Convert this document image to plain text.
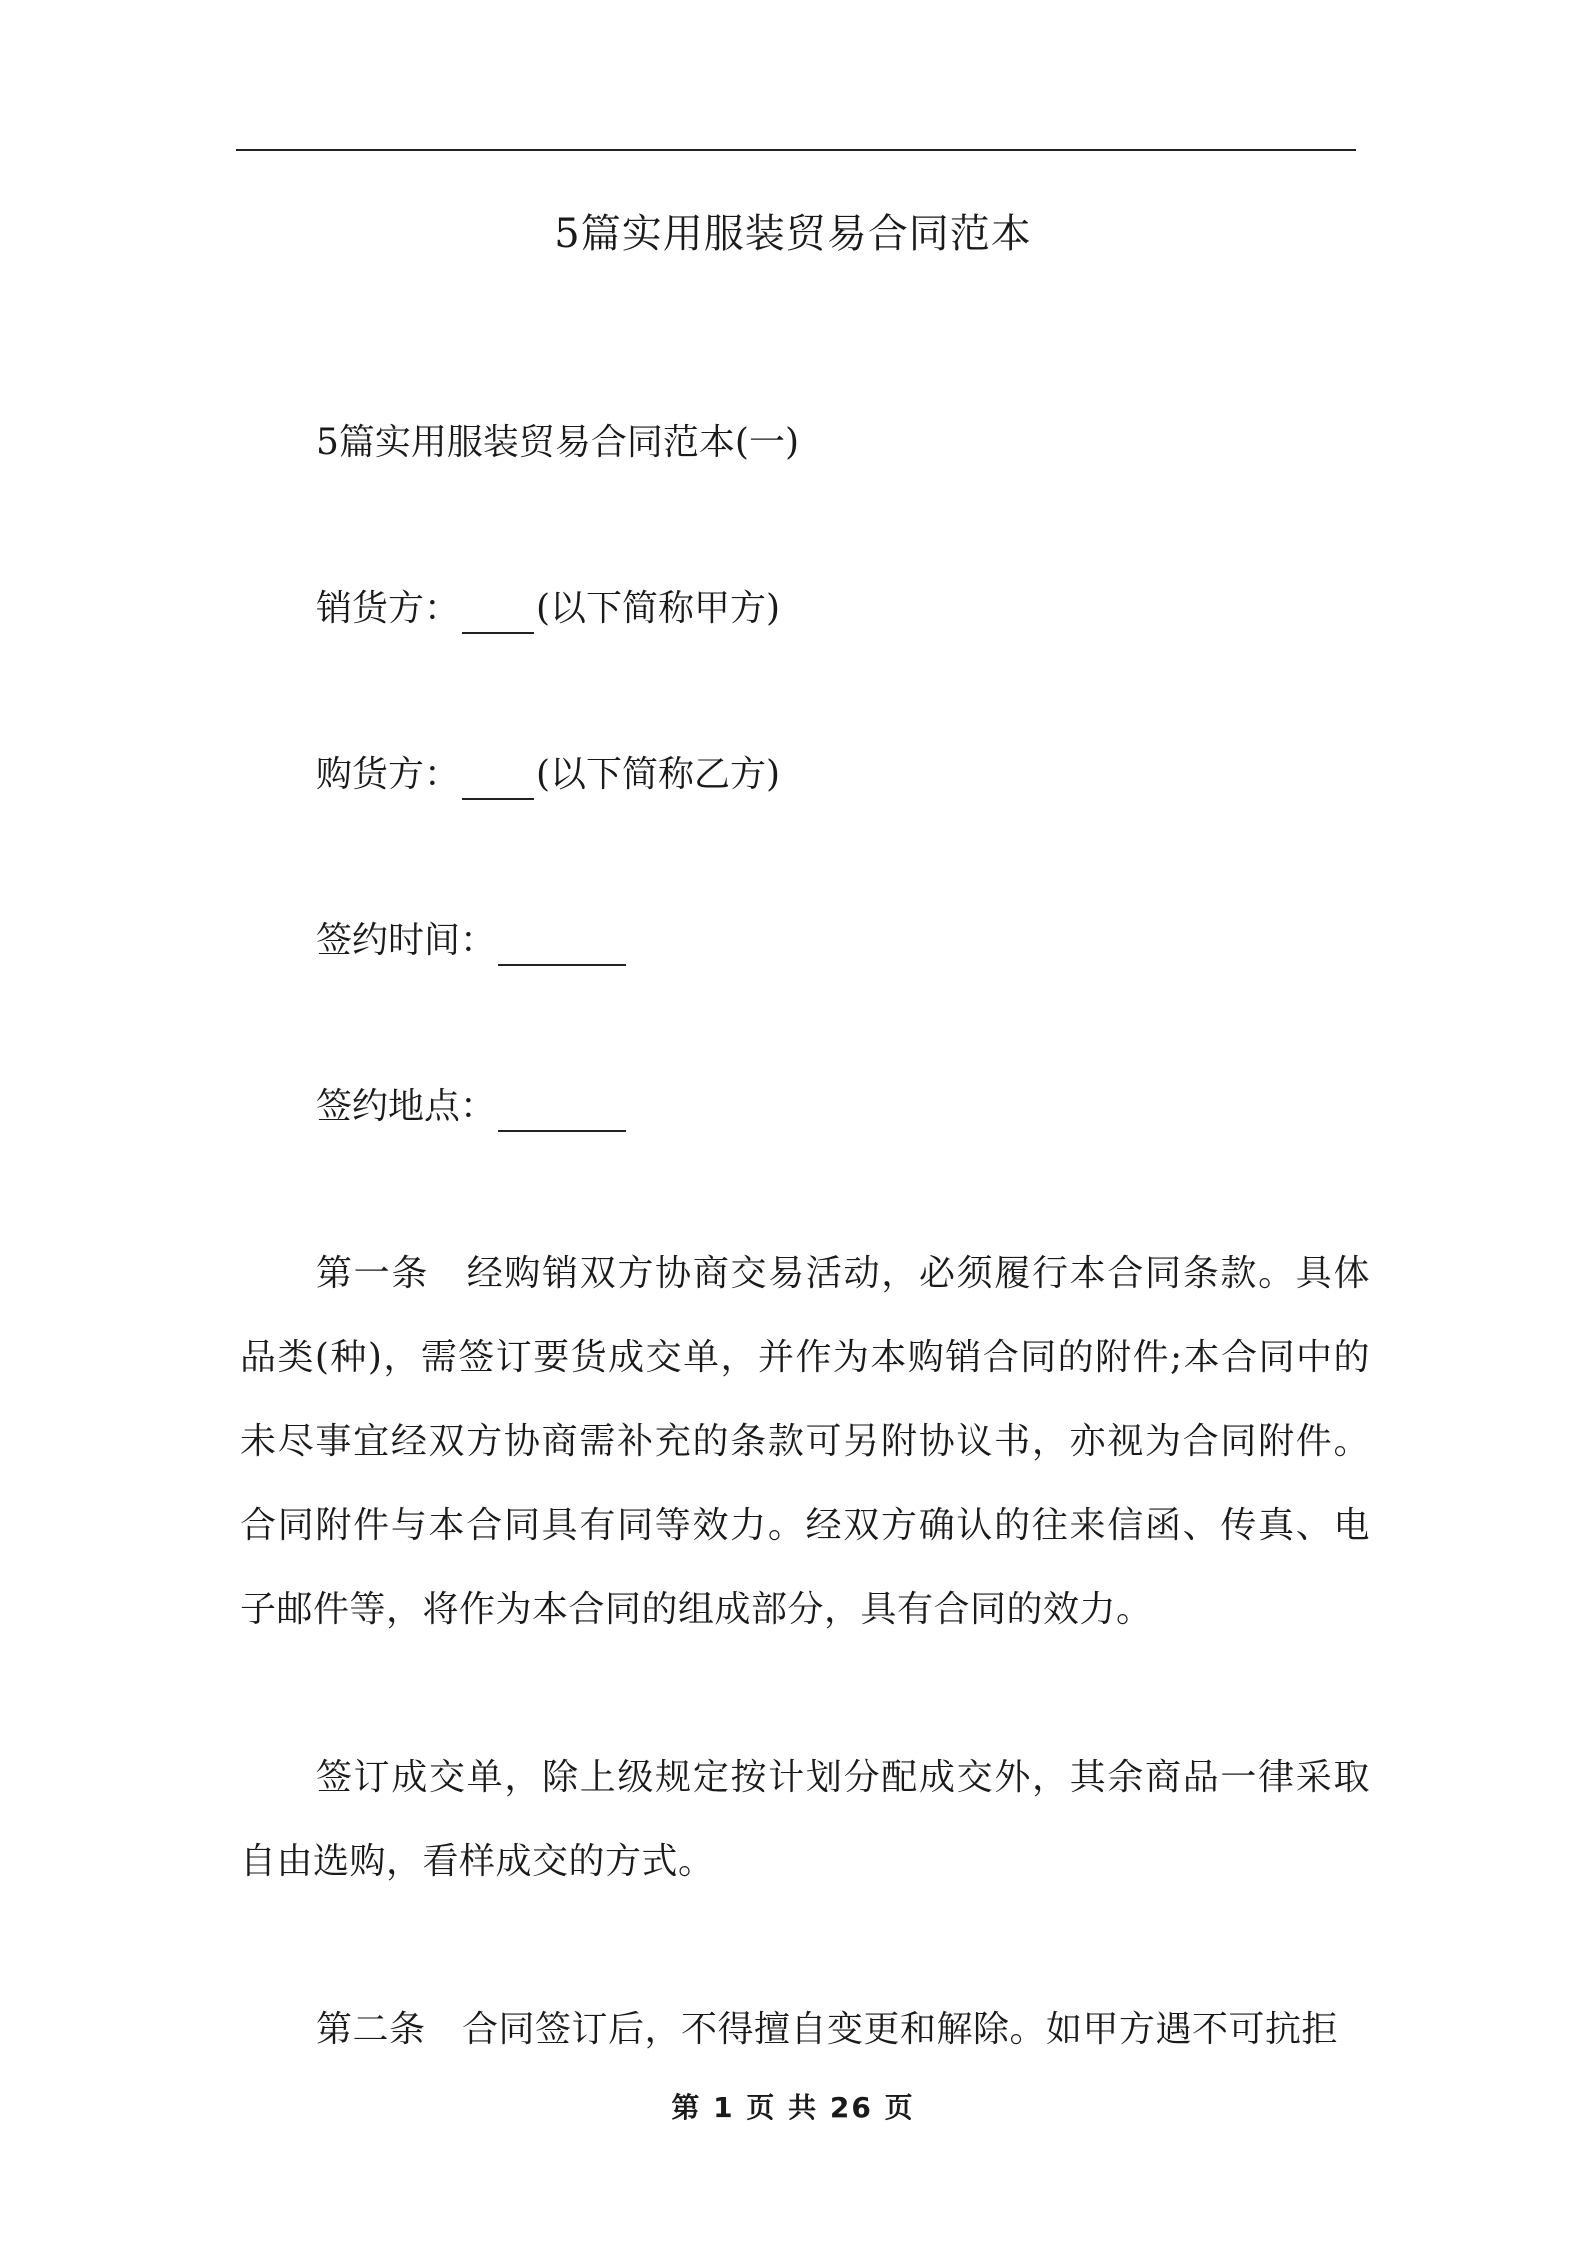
5篇实用服装贸易合同范本
5篇实用服装贸易合同范本(一)
销货方： (以下简称甲方)
购货方： (以下简称乙方)
签约时间：
签约地点：
第一条　经购销双方协商交易活动，必须履行本合同条款。具体品类(种)，需签订要货成交单，并作为本购销合同的附件;本合同中的未尽事宜经双方协商需补充的条款可另附协议书，亦视为合同附件。合同附件与本合同具有同等效力。经双方确认的往来信函、传真、电子邮件等，将作为本合同的组成部分，具有合同的效力。
签订成交单，除上级规定按计划分配成交外，其余商品一律采取自由选购，看样成交的方式。
第二条　合同签订后，不得擅自变更和解除。如甲方遇不可抗拒
第 1 页 共 26 页
